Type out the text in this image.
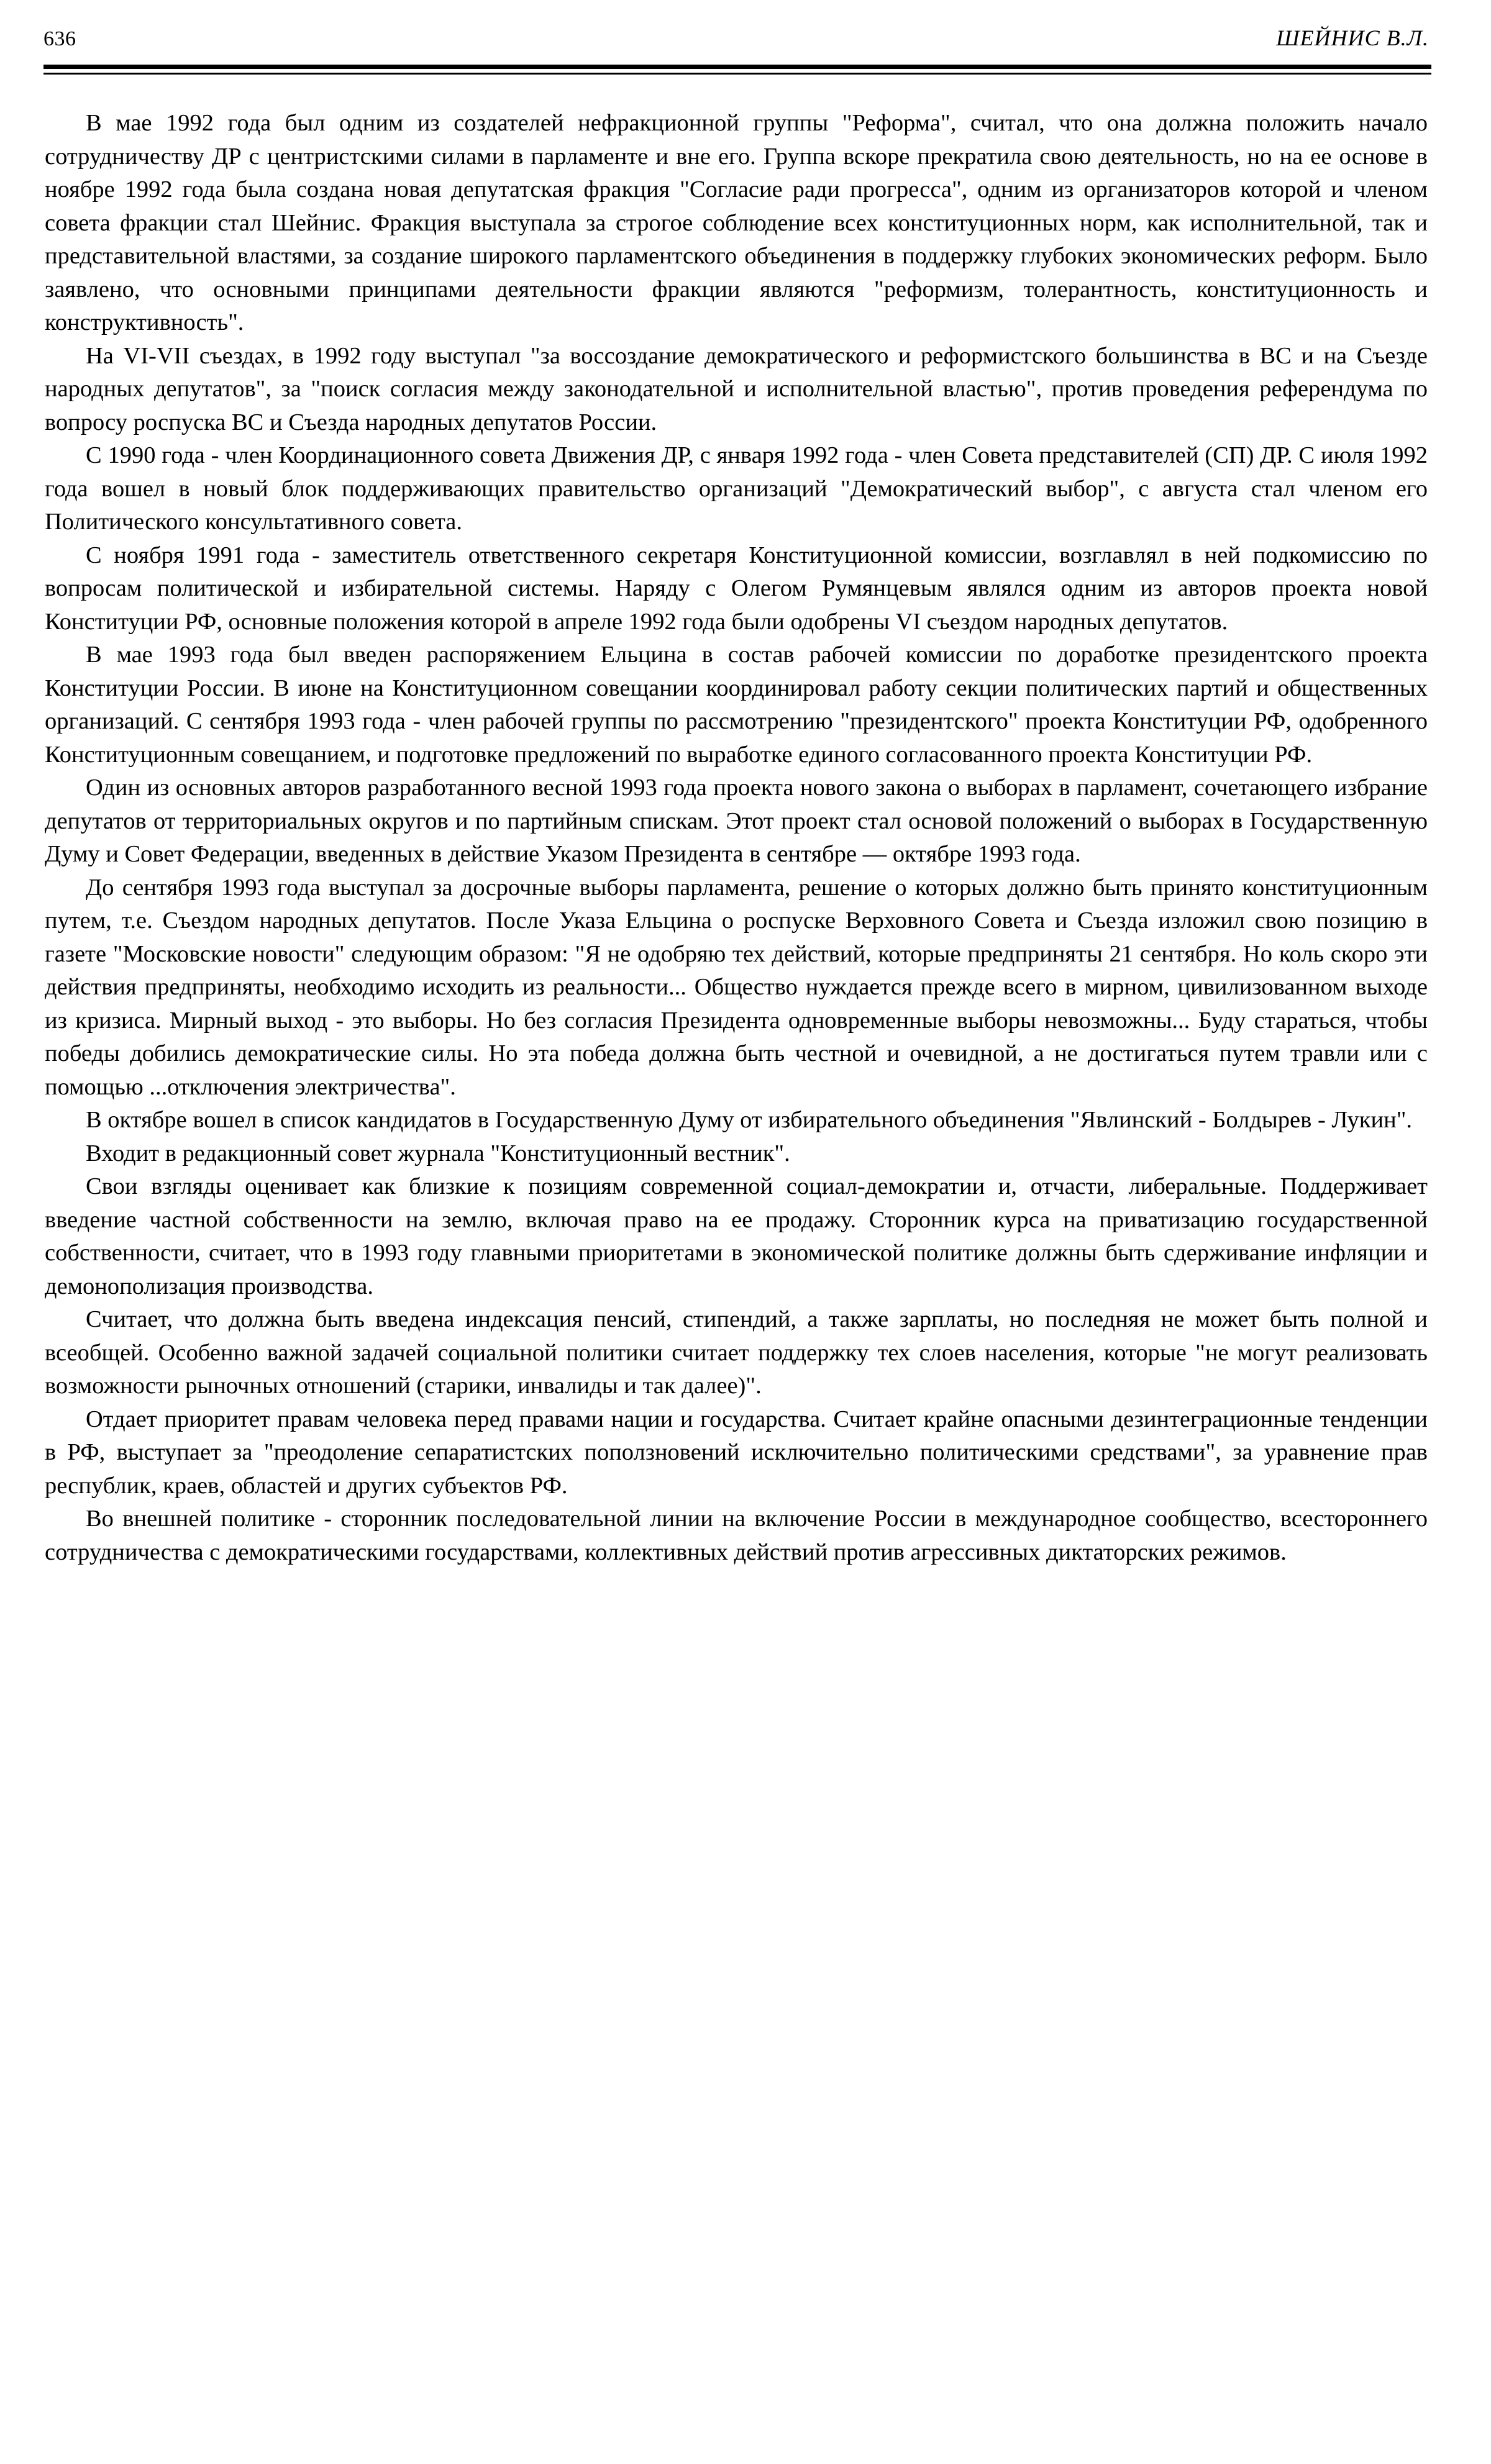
636	ШЕЙНИС В.Л.

В мае 1992 года был одним из создателей нефракционной группы "Реформа", считал, что она должна положить начало сотрудничеству ДР с центристскими силами в парламенте и вне его. Группа вскоре прекратила свою деятельность, но на ее основе в ноябре 1992 года была создана новая депутатская фракция "Согласие ради прогресса", одним из организаторов которой и членом совета фракции стал Шейнис. Фракция выступала за строгое соблюдение всех конституционных норм, как исполнительной, так и представительной властями, за создание широкого парламентского объединения в поддержку глубоких экономических реформ. Было заявлено, что основными принципами деятельности фракции являются "реформизм, толерантность, конституционность и конструктивность".

На VI-VII съездах, в 1992 году выступал "за воссоздание демократического и реформистского большинства в ВС и на Съезде народных депутатов", за "поиск согласия между законодательной и исполнительной властью", против проведения референдума по вопросу роспуска ВС и Съезда народных депутатов России.

С 1990 года - член Координационного совета Движения ДР, с января 1992 года - член Совета представителей (СП) ДР. С июля 1992 года вошел в новый блок поддерживающих правительство организаций "Демократический выбор", с августа стал членом его Политического консультативного совета.

С ноября 1991 года - заместитель ответственного секретаря Конституционной комиссии, возглавлял в ней подкомиссию по вопросам политической и избирательной системы. Наряду с Олегом Румянцевым являлся одним из авторов проекта новой Конституции РФ, основные положения которой в апреле 1992 года были одобрены VI съездом народных депутатов.

В мае 1993 года был введен распоряжением Ельцина в состав рабочей комиссии по доработке президентского проекта Конституции России. В июне на Конституционном совещании координировал работу секции политических партий и общественных организаций. С сентября 1993 года - член рабочей группы по рассмотрению "президентского" проекта Конституции РФ, одобренного Конституционным совещанием, и подготовке предложений по выработке единого согласованного проекта Конституции РФ.

Один из основных авторов разработанного весной 1993 года проекта нового закона о выборах в парламент, сочетающего избрание депутатов от территориальных округов и по партийным спискам. Этот проект стал основой положений о выборах в Государственную Думу и Совет Федерации, введенных в действие Указом Президента в сентябре — октябре 1993 года.

До сентября 1993 года выступал за досрочные выборы парламента, решение о которых должно быть принято конституционным путем, т.е. Съездом народных депутатов. После Указа Ельцина о роспуске Верховного Совета и Съезда изложил свою позицию в газете "Московские новости" следующим образом: "Я не одобряю тех действий, которые предприняты 21 сентября. Но коль скоро эти действия предприняты, необходимо исходить из реальности... Общество нуждается прежде всего в мирном, цивилизованном выходе из кризиса. Мирный выход - это выборы. Но без согласия Президента одновременные выборы невозможны... Буду стараться, чтобы победы добились демократические силы. Но эта победа должна быть честной и очевидной, а не достигаться путем травли или с помощью ...отключения электричества".

В октябре вошел в список кандидатов в Государственную Думу от избирательного объединения "Явлинский - Болдырев - Лукин".

Входит в редакционный совет журнала "Конституционный вестник".

Свои взгляды оценивает как близкие к позициям современной социал-демократии и, отчасти, либеральные. Поддерживает введение частной собственности на землю, включая право на ее продажу. Сторонник курса на приватизацию государственной собственности, считает, что в 1993 году главными приоритетами в экономической политике должны быть сдерживание инфляции и демонополизация производства.

Считает, что должна быть введена индексация пенсий, стипендий, а также зарплаты, но последняя не может быть полной и всеобщей. Особенно важной задачей социальной политики считает поддержку тех слоев населения, которые "не могут реализовать возможности рыночных отношений (старики, инвалиды и так далее)".

Отдает приоритет правам человека перед правами нации и государства. Считает крайне опасными дезинтеграционные тенденции в РФ, выступает за "преодоление сепаратистских поползновений исключительно политическими средствами", за уравнение прав республик, краев, областей и других субъектов РФ.

Во внешней политике - сторонник последовательной линии на включение России в международное сообщество, всестороннего сотрудничества с демократическими государствами, коллективных действий против агрессивных диктаторских режимов.
